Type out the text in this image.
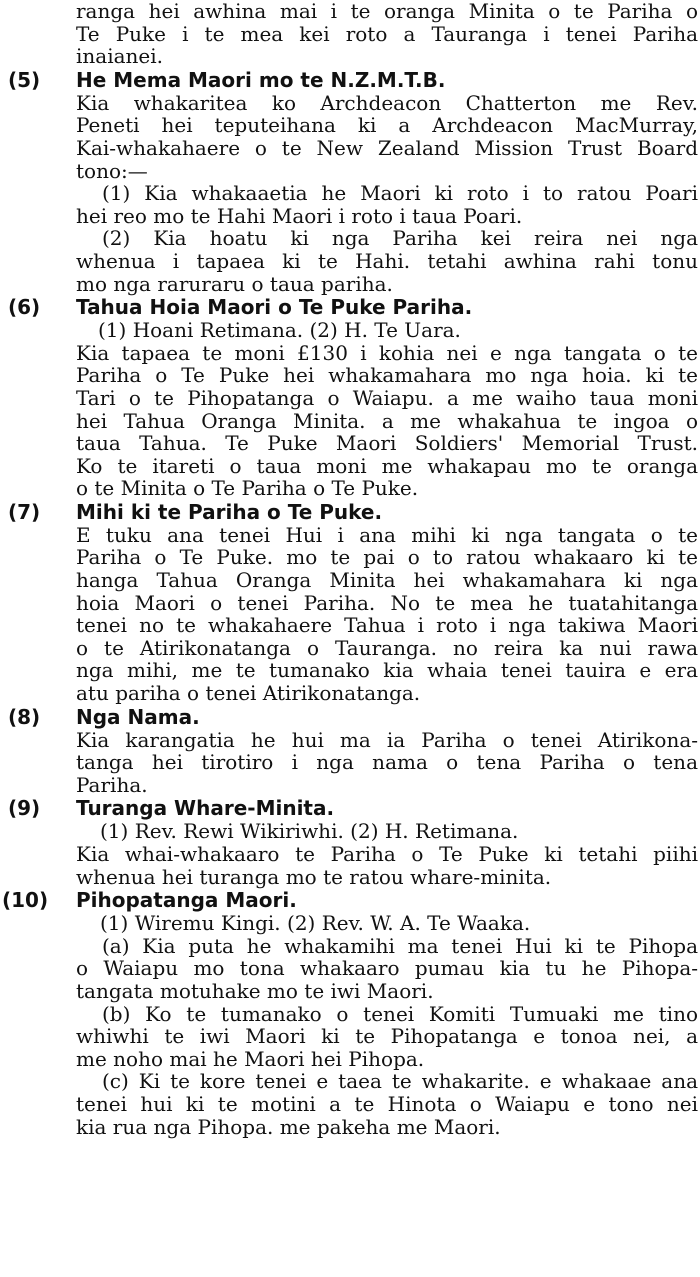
ranga hei awhina mai i te oranga Minita o te Pariha o
Te Puke i te mea kei roto a Tauranga i tenei Pariha
inaianei.
(5) He Mema Maori mo te N.Z.M.T.B.
Kia whakaritea ko Archdeacon Chatterton me Rev.
Peneti hei teputeihana ki a Archdeacon MacMurray,
Kai-whakahaere o te New Zealand Mission Trust Board
tono:—
(1) Kia whakaaetia he Maori ki roto i to ratou Poari
hei reo mo te Hahi Maori i roto i taua Poari.
(2) Kia hoatu ki nga Pariha kei reira nei nga
whenua i tapaea ki te Hahi. tetahi awhina rahi tonu
mo nga raruraru o taua pariha.
(6) Tahua Hoia Maori o Te Puke Pariha.
(1) Hoani Retimana. (2) H. Te Uara.
Kia tapaea te moni £130 i kohia nei e nga tangata o te
Pariha o Te Puke hei whakamahara mo nga hoia. ki te
Tari o te Pihopatanga o Waiapu. a me waiho taua moni
hei Tahua Oranga Minita. a me whakahua te ingoa o
taua Tahua. Te Puke Maori Soldiers' Memorial Trust.
Ko te itareti o taua moni me whakapau mo te oranga
o te Minita o Te Pariha o Te Puke.
(7) Mihi ki te Pariha o Te Puke.
E tuku ana tenei Hui i ana mihi ki nga tangata o te
Pariha o Te Puke. mo te pai o to ratou whakaaro ki te
hanga Tahua Oranga Minita hei whakamahara ki nga
hoia Maori o tenei Pariha. No te mea he tuatahitanga
tenei no te whakahaere Tahua i roto i nga takiwa Maori
o te Atirikonatanga o Tauranga. no reira ka nui rawa
nga mihi, me te tumanako kia whaia tenei tauira e era
atu pariha o tenei Atirikonatanga.
(8) Nga Nama.
Kia karangatia he hui ma ia Pariha o tenei Atirikona-
tanga hei tirotiro i nga nama o tena Pariha o tena
Pariha.
(9) Turanga Whare-Minita.
(1) Rev. Rewi Wikiriwhi. (2) H. Retimana.
Kia whai-whakaaro te Pariha o Te Puke ki tetahi piihi
whenua hei turanga mo te ratou whare-minita.
(10) Pihopatanga Maori.
(1) Wiremu Kingi. (2) Rev. W. A. Te Waaka.
(a) Kia puta he whakamihi ma tenei Hui ki te Pihopa
o Waiapu mo tona whakaaro pumau kia tu he Pihopa-
tangata motuhake mo te iwi Maori.
(b) Ko te tumanako o tenei Komiti Tumuaki me tino
whiwhi te iwi Maori ki te Pihopatanga e tonoa nei, a
me noho mai he Maori hei Pihopa.
(c) Ki te kore tenei e taea te whakarite. e whakaae ana
tenei hui ki te motini a te Hinota o Waiapu e tono nei
kia rua nga Pihopa. me pakeha me Maori.
